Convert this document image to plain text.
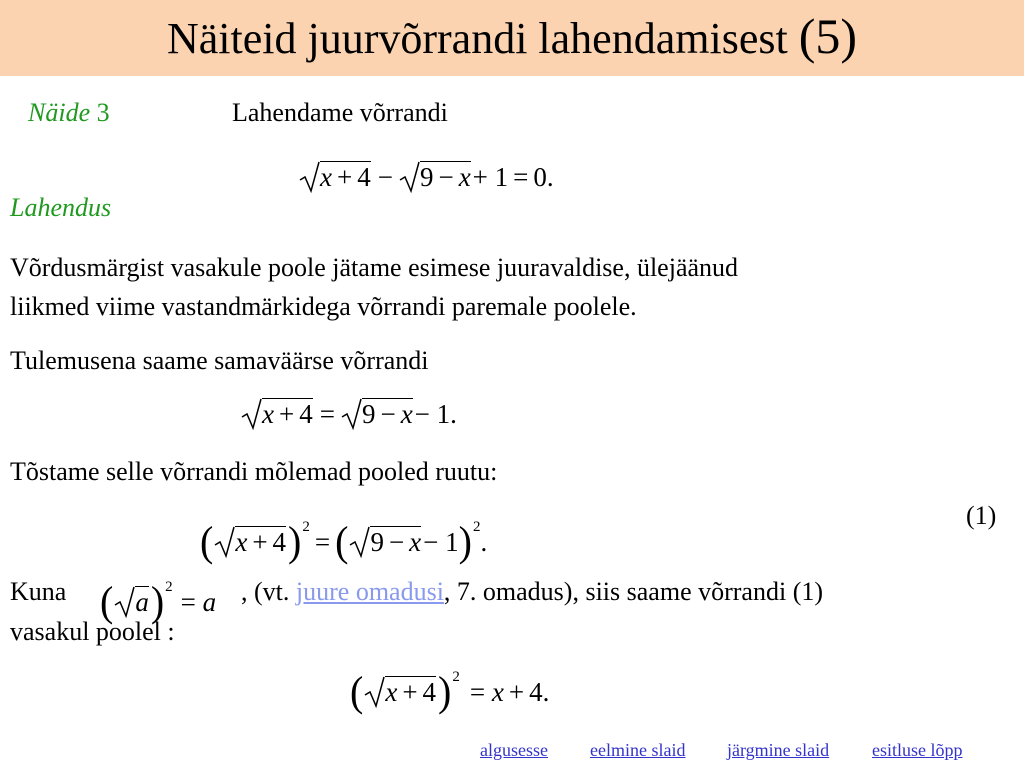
Näiteid juurvõrrandi lahendamisest (5)
Näide 3	Lahendame võrrandi
x + 4 − 9 − x+ 1 = 0.
Lahendus
Võrdusmärgist vasakule poole jätame esimese juuravaldise, ülejäänud
liikmed viime vastandmärkidega võrrandi paremale poolele.
Tulemusena saame samaväärse võrrandi
x + 4 = 9 − x− 1.
Tõstame selle võrrandi mõlemad pooled ruutu:
( x + 4)$^2$ = ( 9 − x− 1)$^2$.
(1)
Kuna ( a)$^2$ = a , (vt. juure omadusi, 7. omadus), siis saame võrrandi (1)
vasakul poolel :
( x + 4)$^2$ = x + 4.
algusesse eelmine slaid järgmine slaid esitluse lõpp
